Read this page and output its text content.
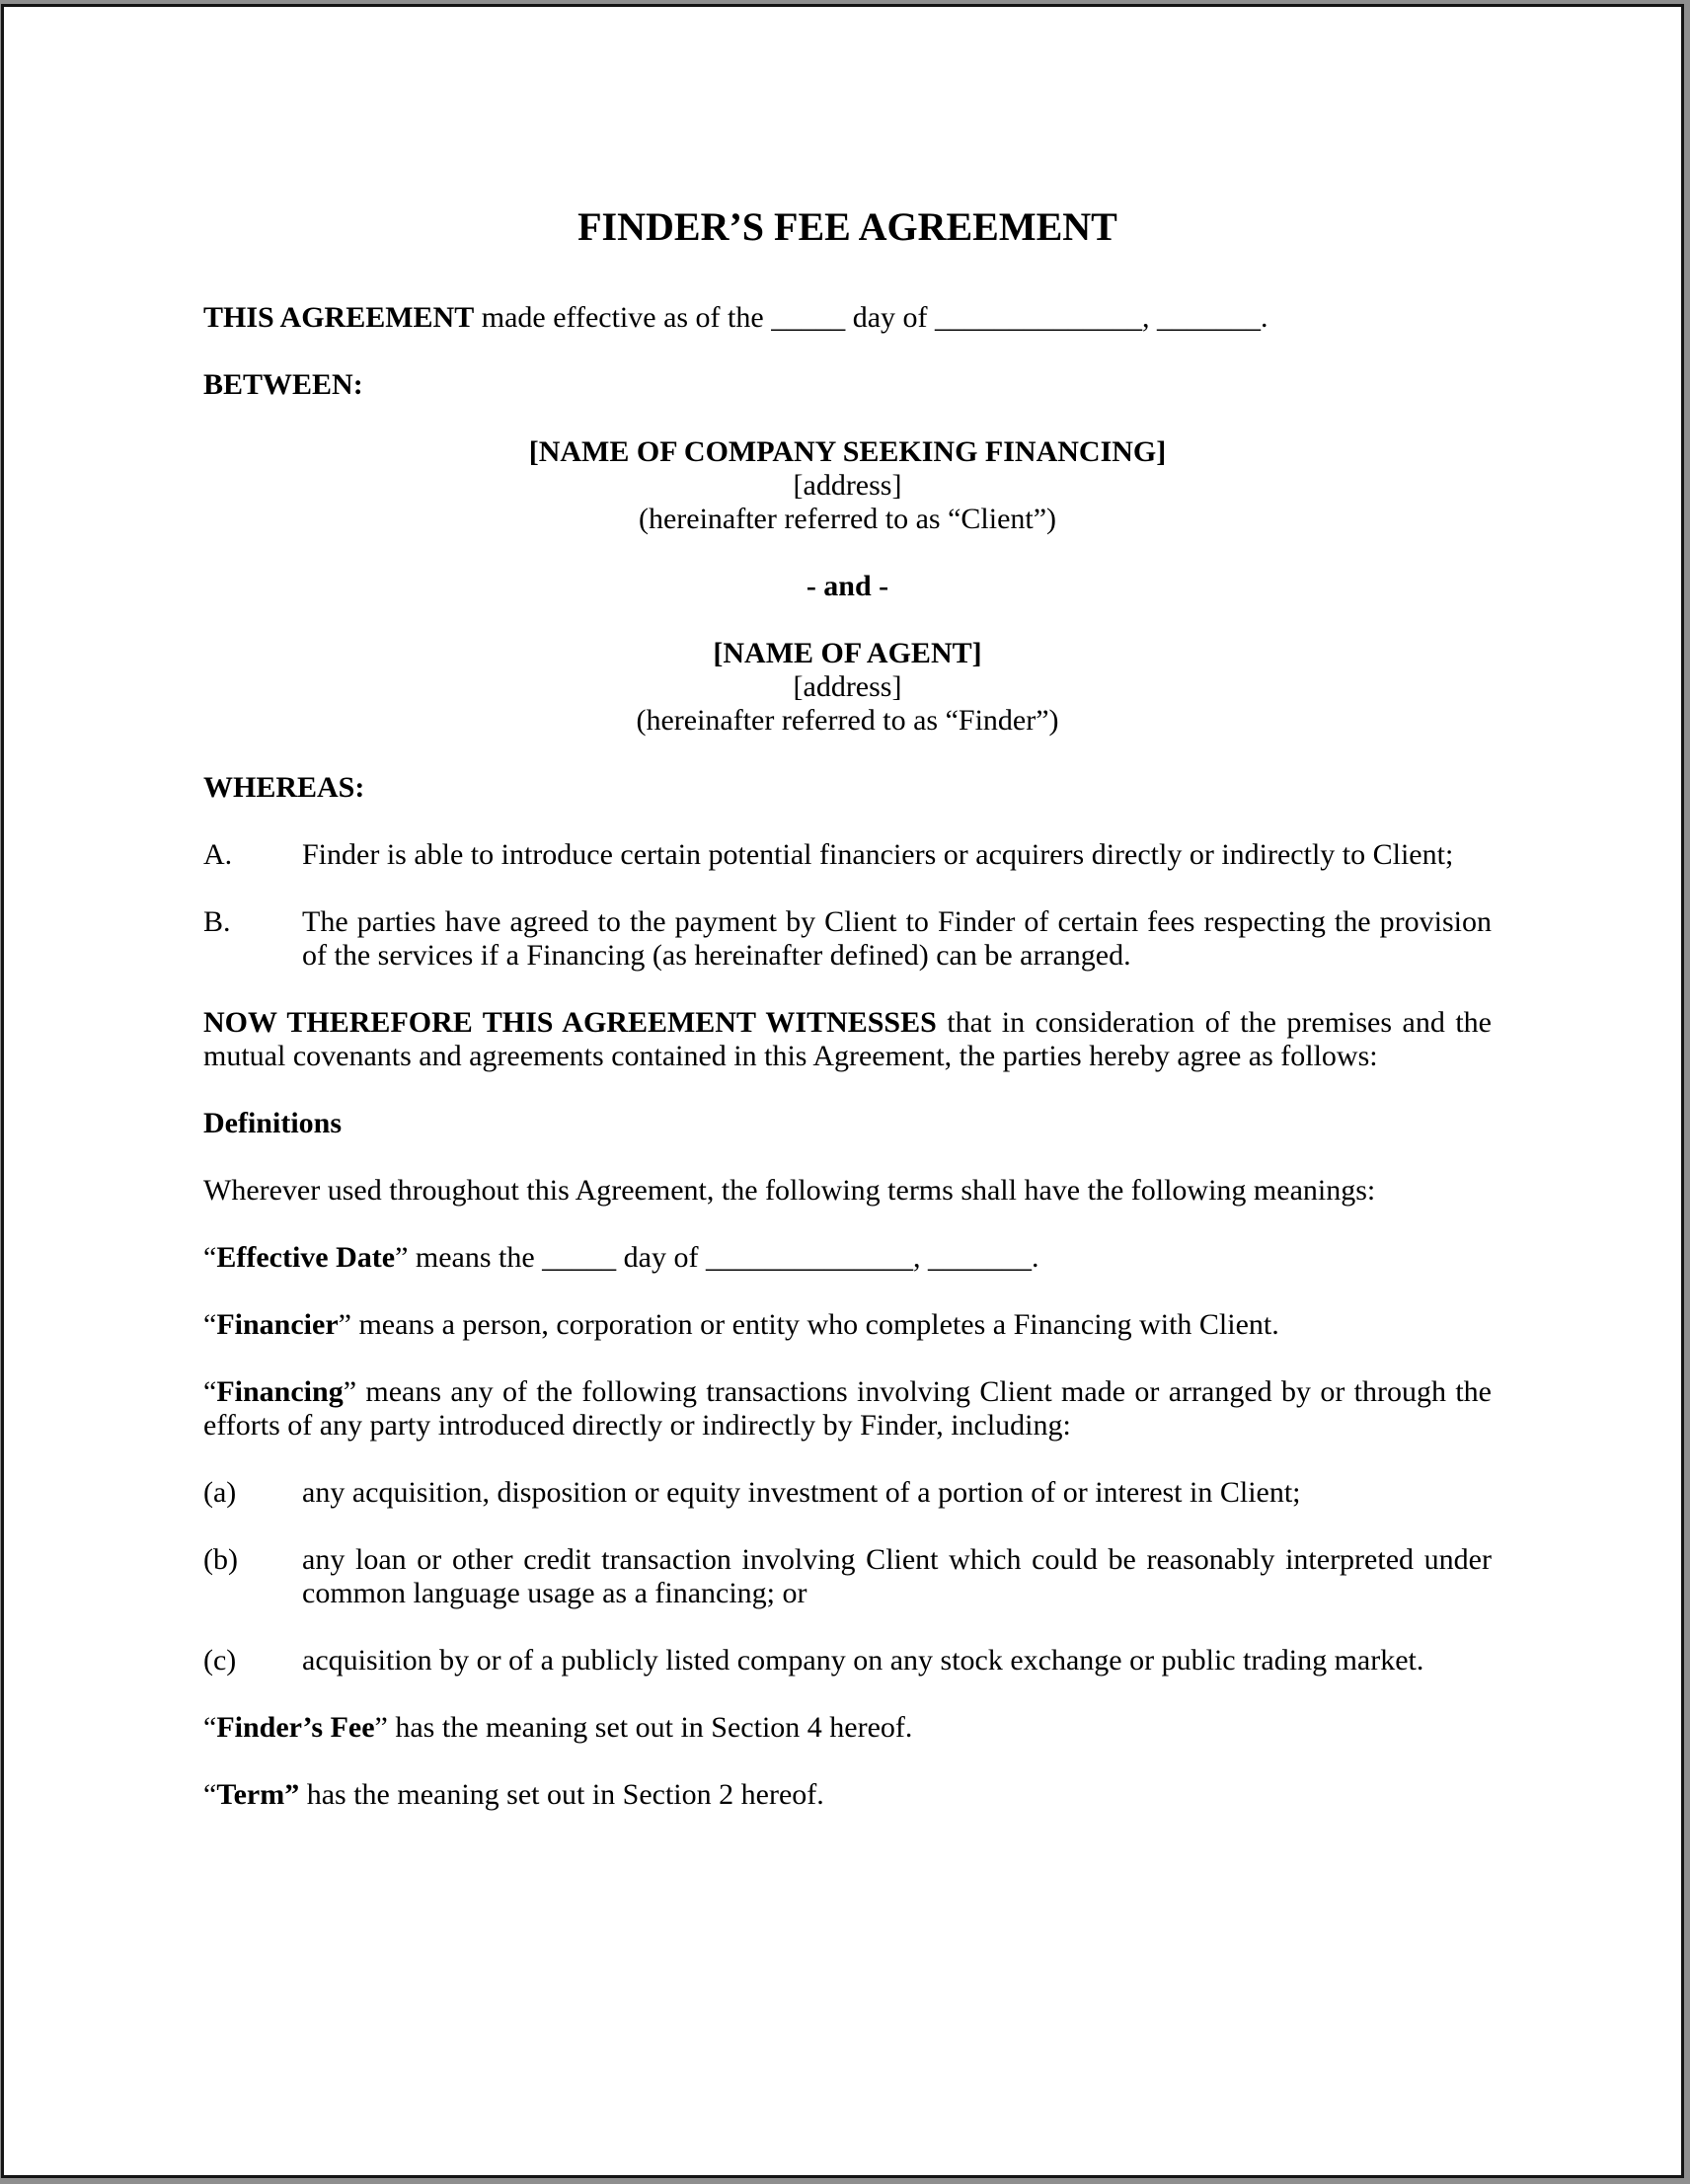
FINDER’S FEE AGREEMENT

THIS AGREEMENT made effective as of the _____ day of ______________, _______.

BETWEEN:

[NAME OF COMPANY SEEKING FINANCING]
[address]
(hereinafter referred to as “Client”)

- and -

[NAME OF AGENT]
[address]
(hereinafter referred to as “Finder”)

WHEREAS:

A. Finder is able to introduce certain potential financiers or acquirers directly or indirectly to Client;

B. The parties have agreed to the payment by Client to Finder of certain fees respecting the provision of the services if a Financing (as hereinafter defined) can be arranged.

NOW THEREFORE THIS AGREEMENT WITNESSES that in consideration of the premises and the mutual covenants and agreements contained in this Agreement, the parties hereby agree as follows:

Definitions

Wherever used throughout this Agreement, the following terms shall have the following meanings:

“Effective Date” means the _____ day of ______________, _______.

“Financier” means a person, corporation or entity who completes a Financing with Client.

“Financing” means any of the following transactions involving Client made or arranged by or through the efforts of any party introduced directly or indirectly by Finder, including:

(a) any acquisition, disposition or equity investment of a portion of or interest in Client;

(b) any loan or other credit transaction involving Client which could be reasonably interpreted under common language usage as a financing; or

(c) acquisition by or of a publicly listed company on any stock exchange or public trading market.

“Finder’s Fee” has the meaning set out in Section 4 hereof.

“Term” has the meaning set out in Section 2 hereof.
